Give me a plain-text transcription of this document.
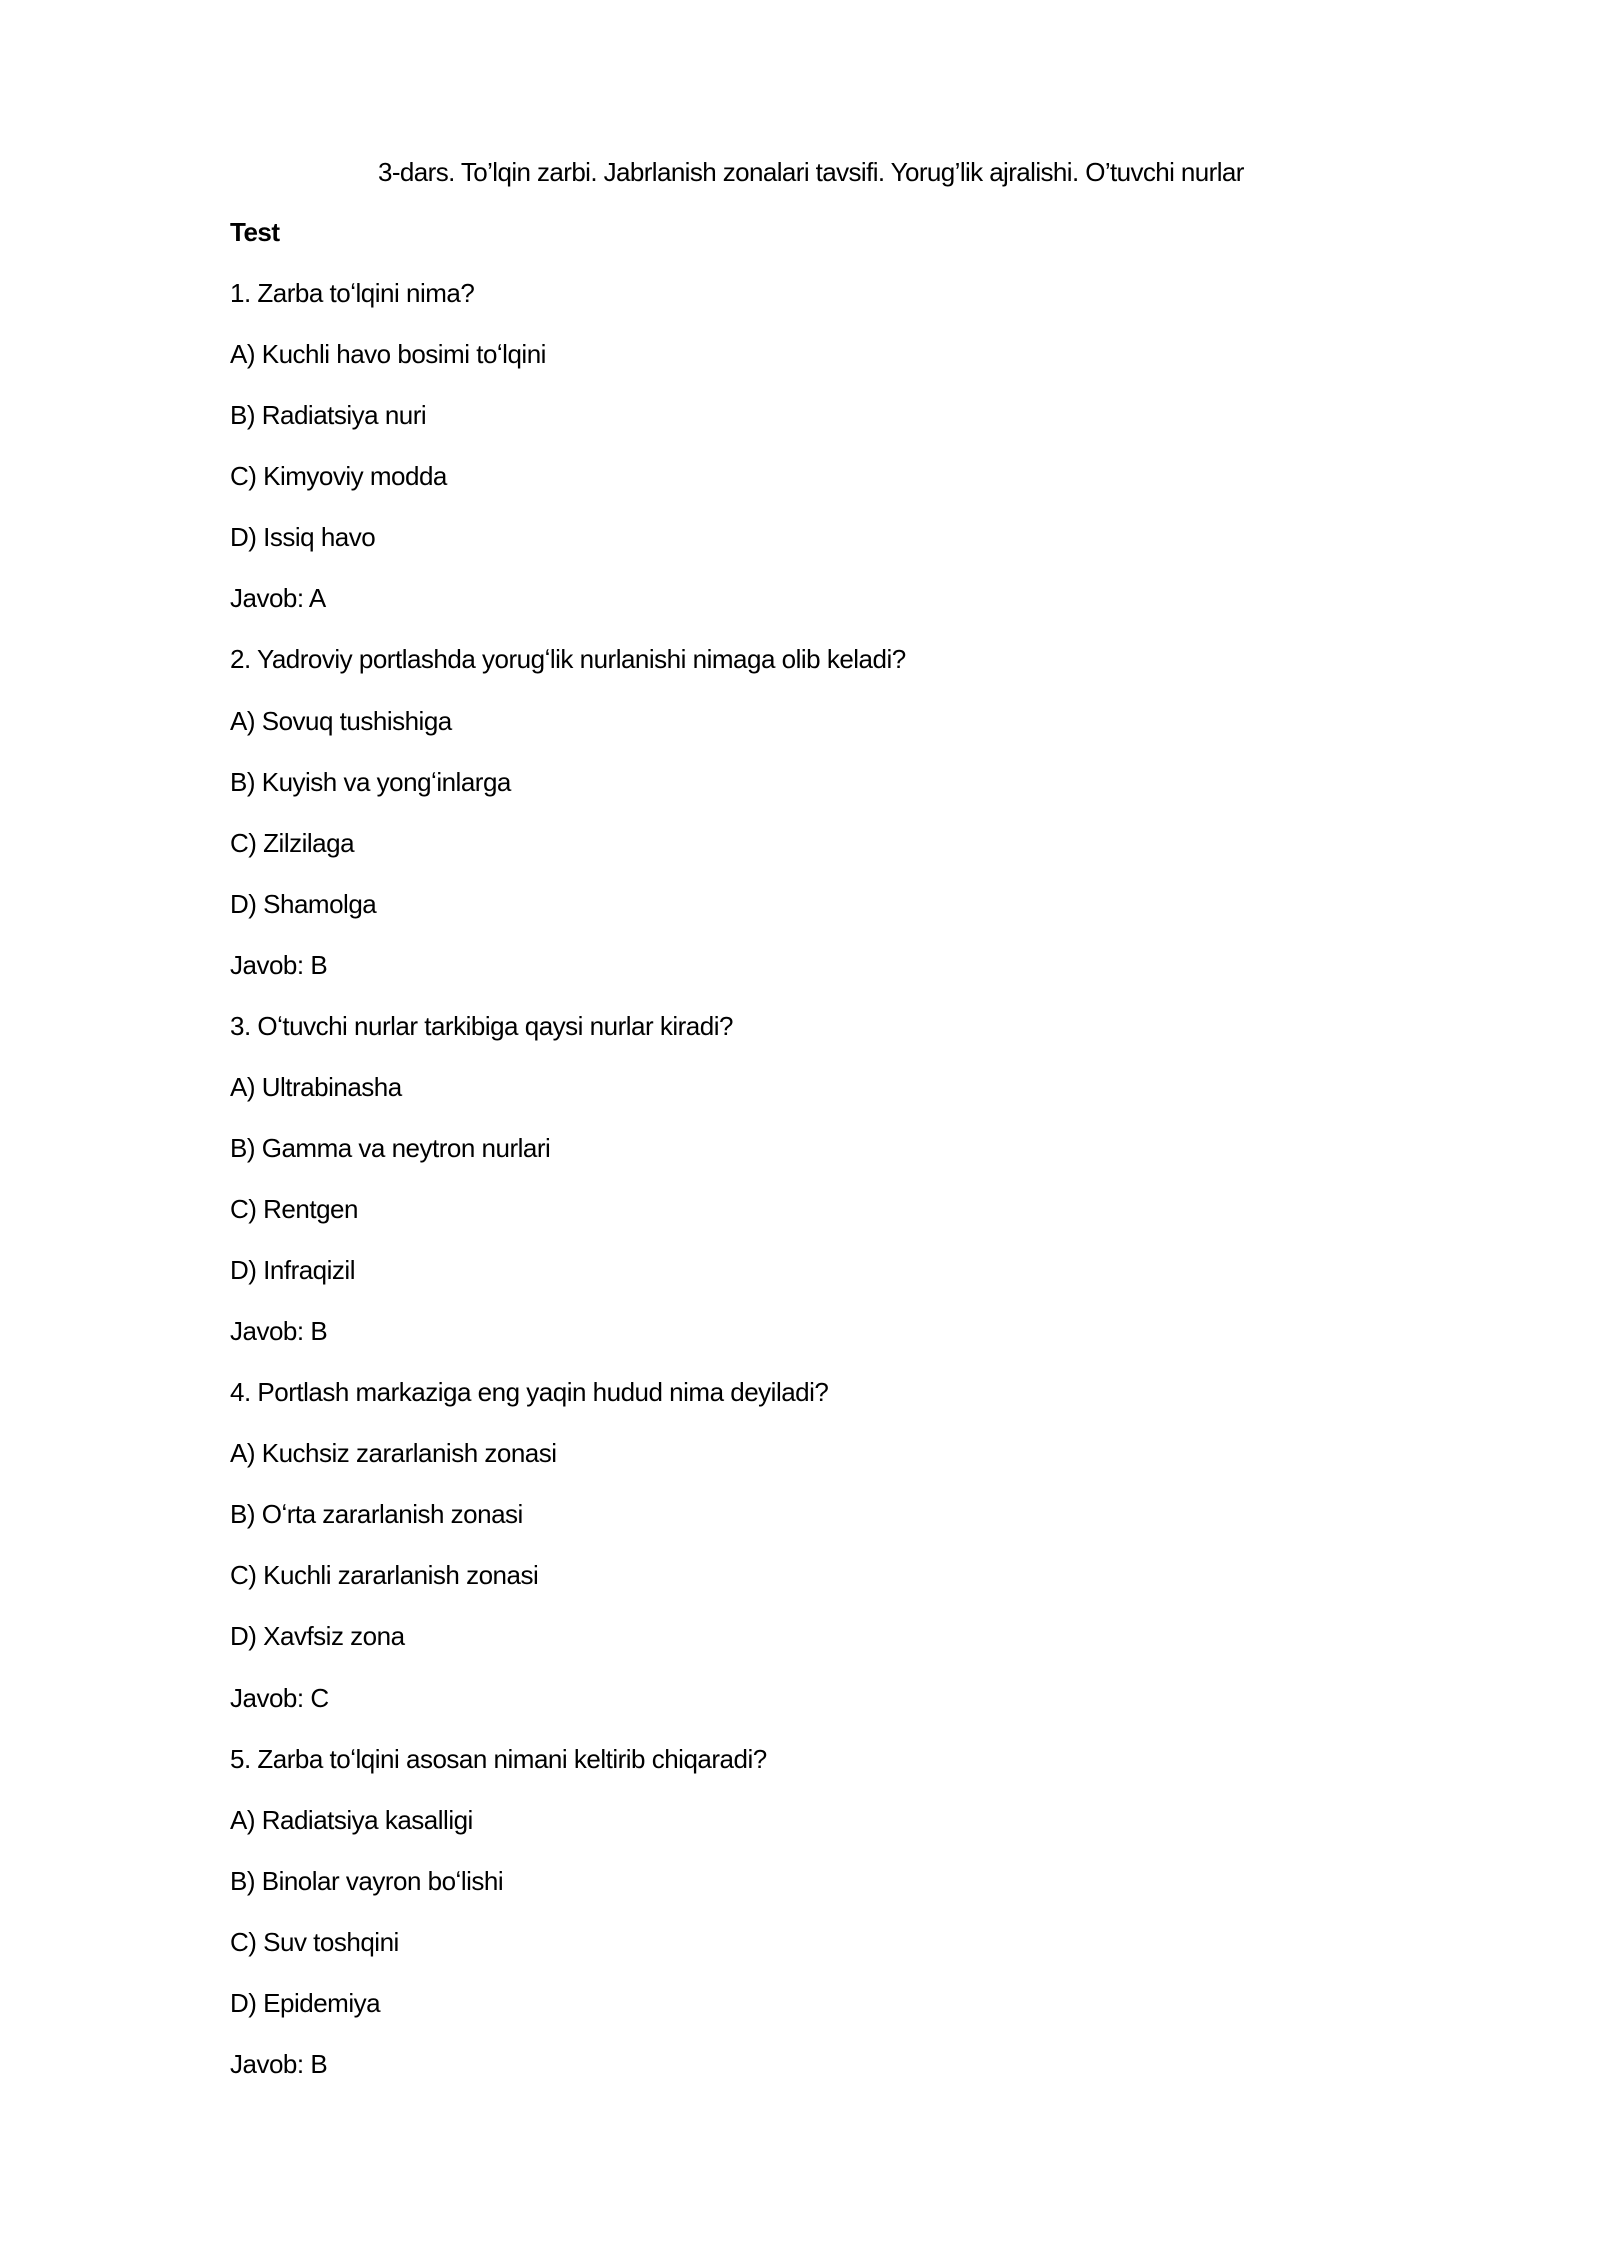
3-dars. To’lqin zarbi. Jabrlanish zonalari tavsifi. Yorug’lik ajralishi. O’tuvchi nurlar
Test
1. Zarba toʻlqini nima?
A) Kuchli havo bosimi toʻlqini
B) Radiatsiya nuri
C) Kimyoviy modda
D) Issiq havo
Javob: A
2. Yadroviy portlashda yorugʻlik nurlanishi nimaga olib keladi?
A) Sovuq tushishiga
B) Kuyish va yongʻinlarga
C) Zilzilaga
D) Shamolga
Javob: B
3. Oʻtuvchi nurlar tarkibiga qaysi nurlar kiradi?
A) Ultrabinasha
B) Gamma va neytron nurlari
C) Rentgen
D) Infraqizil
Javob: B
4. Portlash markaziga eng yaqin hudud nima deyiladi?
A) Kuchsiz zararlanish zonasi
B) Oʻrta zararlanish zonasi
C) Kuchli zararlanish zonasi
D) Xavfsiz zona
Javob: C
5. Zarba toʻlqini asosan nimani keltirib chiqaradi?
A) Radiatsiya kasalligi
B) Binolar vayron boʻlishi
C) Suv toshqini
D) Epidemiya
Javob: B
